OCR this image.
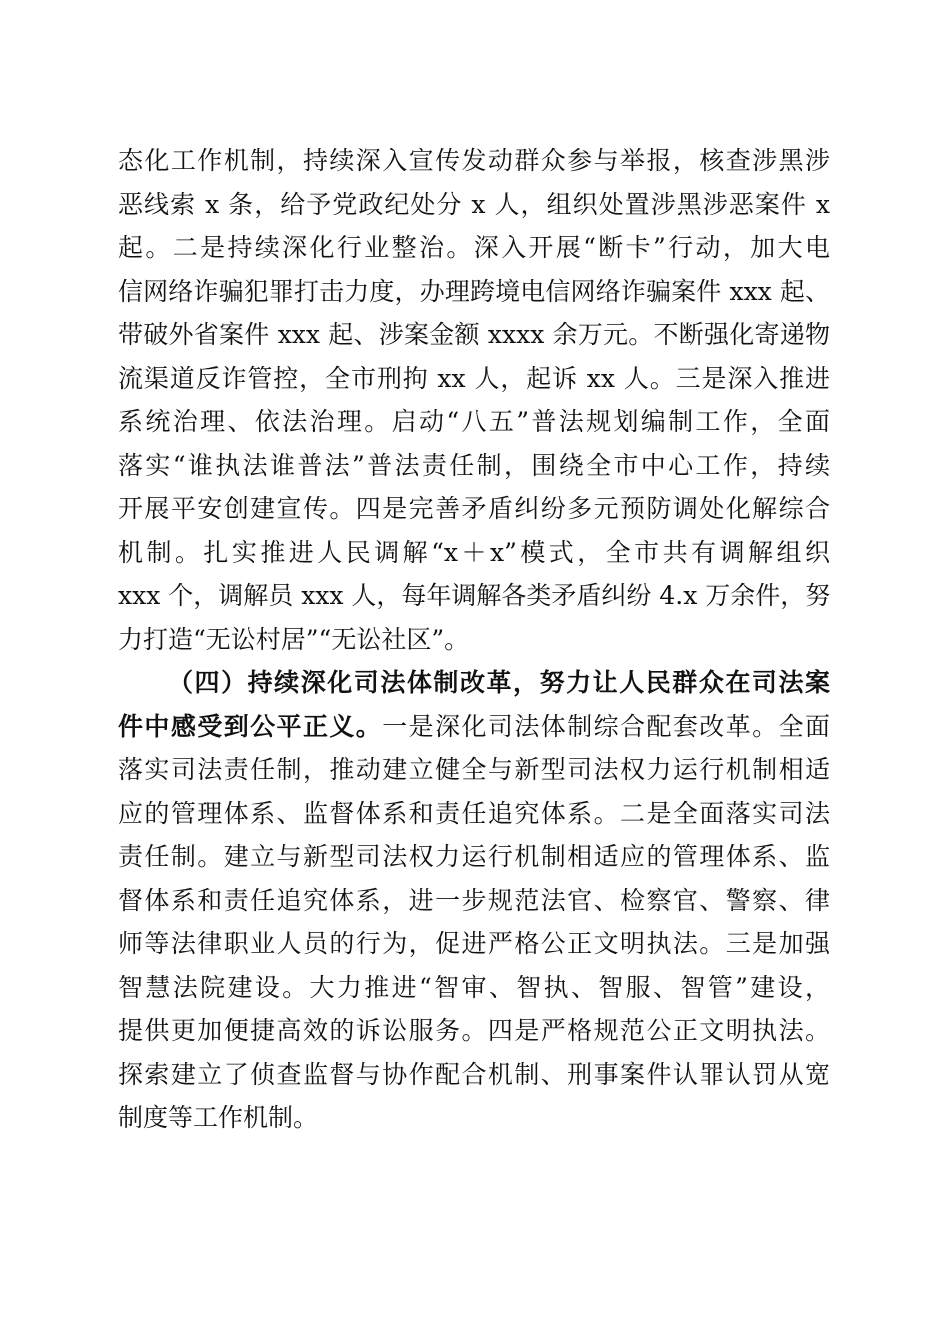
态化工作机制，持续深入宣传发动群众参与举报，核查涉黑涉
恶线索 x 条，给予党政纪处分 x 人，组织处置涉黑涉恶案件 x
起。二是持续深化行业整治。深入开展“断卡”行动，加大电
信网络诈骗犯罪打击力度，办理跨境电信网络诈骗案件 xxx 起、
带破外省案件 xxx 起、涉案金额 xxxx 余万元。不断强化寄递物
流渠道反诈管控，全市刑拘 xx 人，起诉 xx 人。三是深入推进
系统治理、依法治理。启动“八五”普法规划编制工作，全面
落实“谁执法谁普法”普法责任制，围绕全市中心工作，持续
开展平安创建宣传。四是完善矛盾纠纷多元预防调处化解综合
机制。扎实推进人民调解“x＋x”模式，全市共有调解组织
xxx 个，调解员 xxx 人，每年调解各类矛盾纠纷 4.x 万余件，努
力打造“无讼村居”“无讼社区”。
（四）持续深化司法体制改革，努力让人民群众在司法案
件中感受到公平正义。一是深化司法体制综合配套改革。全面
落实司法责任制，推动建立健全与新型司法权力运行机制相适
应的管理体系、监督体系和责任追究体系。二是全面落实司法
责任制。建立与新型司法权力运行机制相适应的管理体系、监
督体系和责任追究体系，进一步规范法官、检察官、警察、律
师等法律职业人员的行为，促进严格公正文明执法。三是加强
智慧法院建设。大力推进“智审、智执、智服、智管”建设，
提供更加便捷高效的诉讼服务。四是严格规范公正文明执法。
探索建立了侦查监督与协作配合机制、刑事案件认罪认罚从宽
制度等工作机制。
